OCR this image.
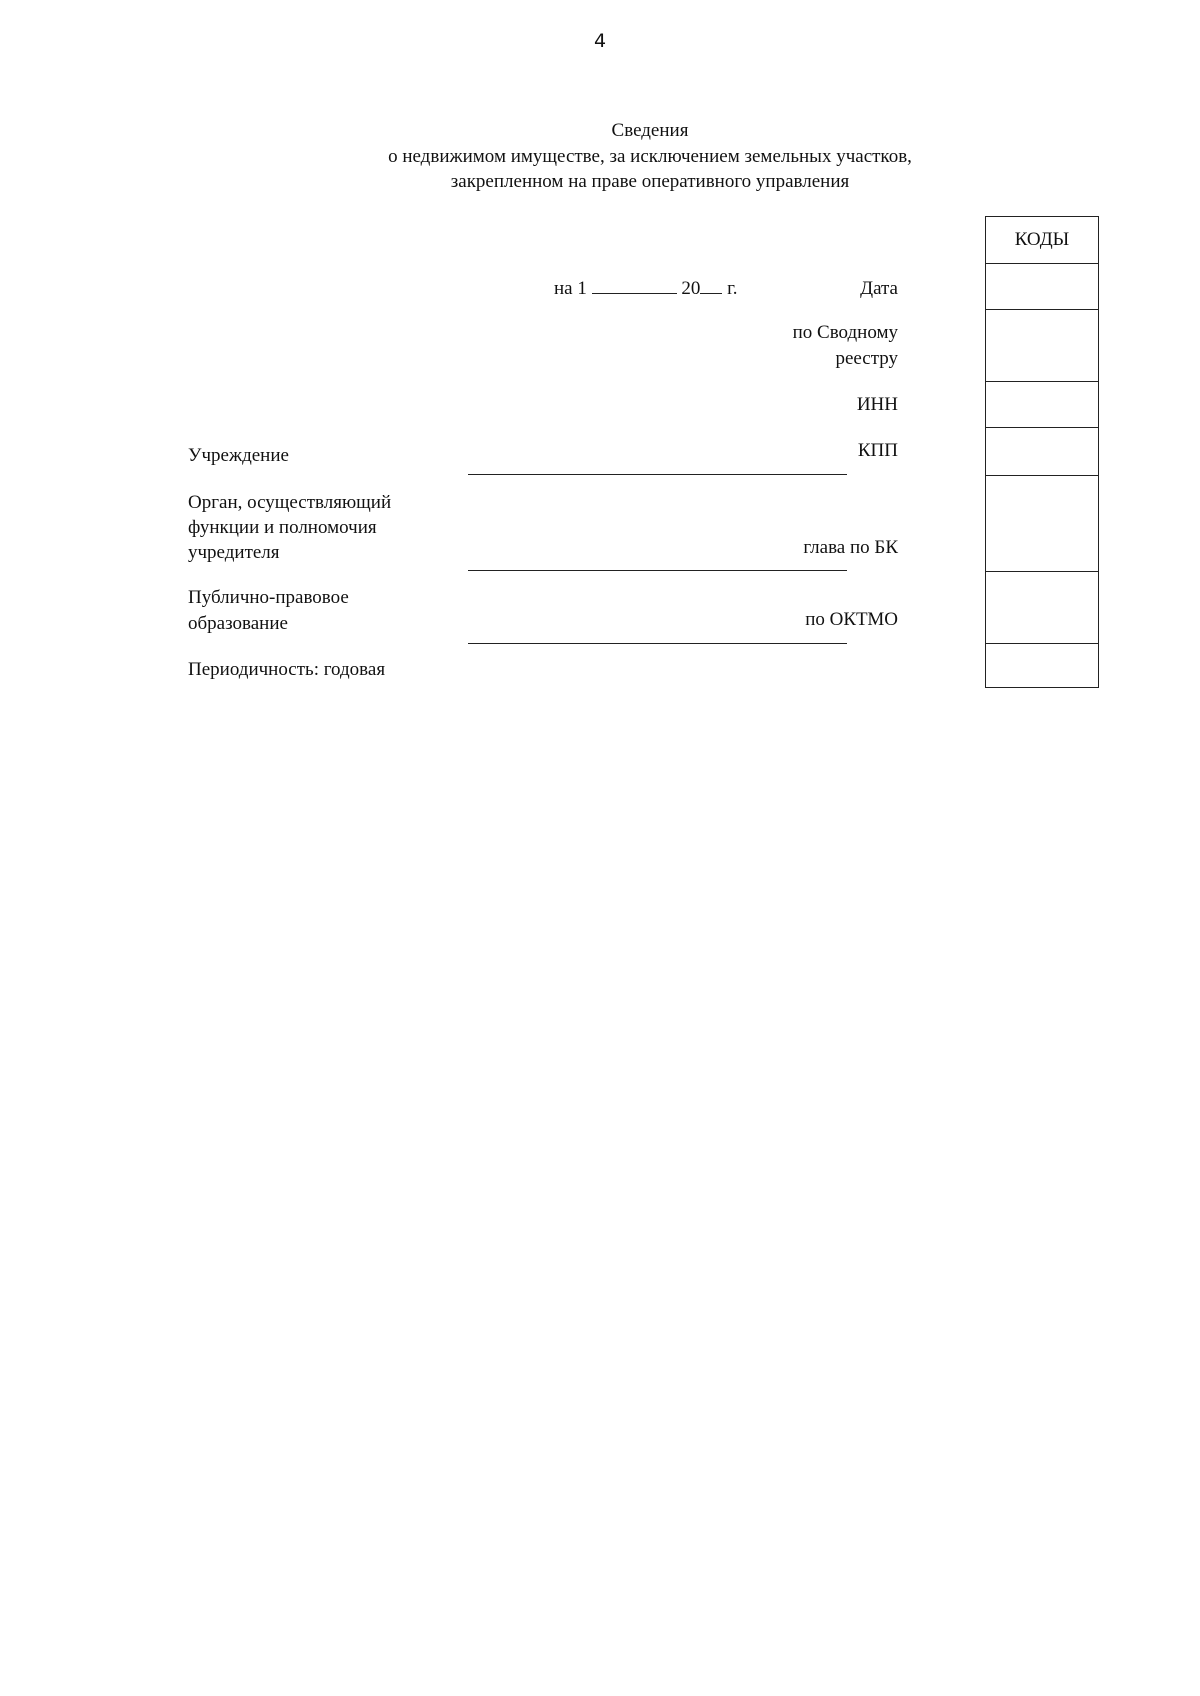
4
Сведения
о недвижимом имуществе, за исключением земельных участков,
закрепленном на праве оперативного управления
на 1	20 г.	Дата
по Сводному
реестру
ИНН
КПП
глава по БК
по ОКТМО
КОДЫ
Учреждение
Орган, осуществляющий
функции и полномочия
учредителя
Публично-правовое
образование
Периодичность: годовая
